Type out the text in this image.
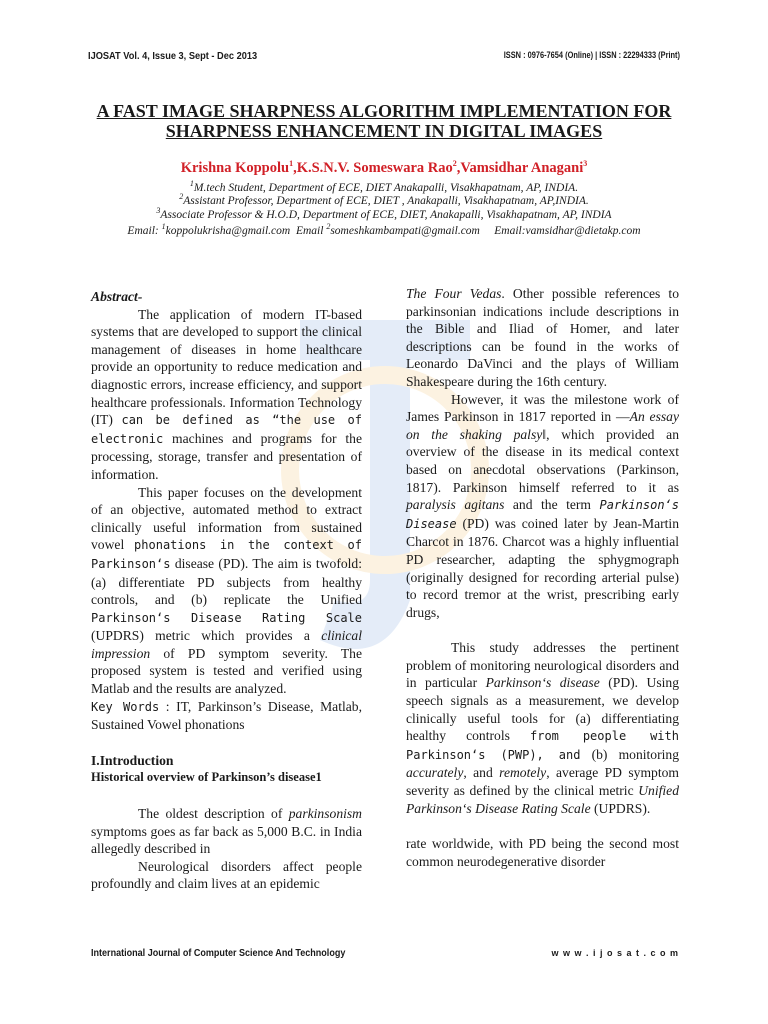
IJOSAT Vol. 4, Issue 3, Sept - Dec 2013	ISSN : 0976-7654 (Online) | ISSN : 22294333 (Print)
A FAST IMAGE SHARPNESS ALGORITHM IMPLEMENTATION FOR
SHARPNESS ENHANCEMENT IN DIGITAL IMAGES
Krishna Koppolu$^1$,K.S.N.V. Someswara Rao$^2$,Vamsidhar Anagani$^3$
$^1$M.tech Student, Department of ECE, DIET Anakapalli, Visakhapatnam, AP, INDIA.
$^2$Assistant Professor, Department of ECE, DIET , Anakapalli, Visakhapatnam, AP,INDIA.
$^3$Associate Professor & H.O.D, Department of ECE, DIET, Anakapalli, Visakhapatnam, AP, INDIA
Email: $^1$koppolukrisha@gmail.com  Email $^2$someshkambampati@gmail.com     Email:vamsidhar@dietakp.com

Abstract-

The application of modern IT-based systems that are developed to support the clinical management of diseases in home healthcare provide an opportunity to reduce medication and diagnostic errors, increase efficiency, and support healthcare professionals. Information Technology (IT) can be defined as “the use of electronic machines and programs for the processing, storage, transfer and presentation of information.

This paper focuses on the development of an objective, automated method to extract clinically useful information from sustained vowel phonations in the context of Parkinson‘s disease (PD). The aim is twofold: (a) differentiate PD subjects from healthy controls, and (b) replicate the Unified Parkinson‘s Disease Rating Scale (UPDRS) metric which provides a clinical impression of PD symptom severity. The proposed system is tested and verified using Matlab and the results are analyzed.

Key Words : IT, Parkinson’s Disease, Matlab, Sustained Vowel phonations

I.Introduction

Historical overview of Parkinson’s disease1

The oldest description of parkinsonism symptoms goes as far back as 5,000 B.C. in India allegedly described in

Neurological disorders affect people profoundly and claim lives at an epidemic

The Four Vedas. Other possible references to parkinsonian indications include descriptions in the Bible and Iliad of Homer, and later descriptions can be found in the works of Leonardo DaVinci and the plays of William Shakespeare during the 16th century.

However, it was the milestone work of James Parkinson in 1817 reported in ―An essay on the shaking palsy‖, which provided an overview of the disease in its medical context based on anecdotal observations (Parkinson, 1817). Parkinson himself referred to it as paralysis agitans and the term Parkinson‘s Disease (PD) was coined later by Jean-Martin Charcot in 1876. Charcot was a highly influential PD researcher, adapting the sphygmograph (originally designed for recording arterial pulse) to record tremor at the wrist, prescribing early drugs,

This study addresses the pertinent problem of monitoring neurological disorders and in particular Parkinson‘s disease (PD). Using speech signals as a measurement, we develop clinically useful tools for (a) differentiating healthy controls from people with Parkinson‘s (PWP), and (b) monitoring accurately, and remotely, average PD symptom severity as defined by the clinical metric Unified Parkinson‘s Disease Rating Scale (UPDRS).

rate worldwide, with PD being the second most common neurodegenerative disorder

International Journal of Computer Science And Technology	w w w . i j o s a t . c o m
